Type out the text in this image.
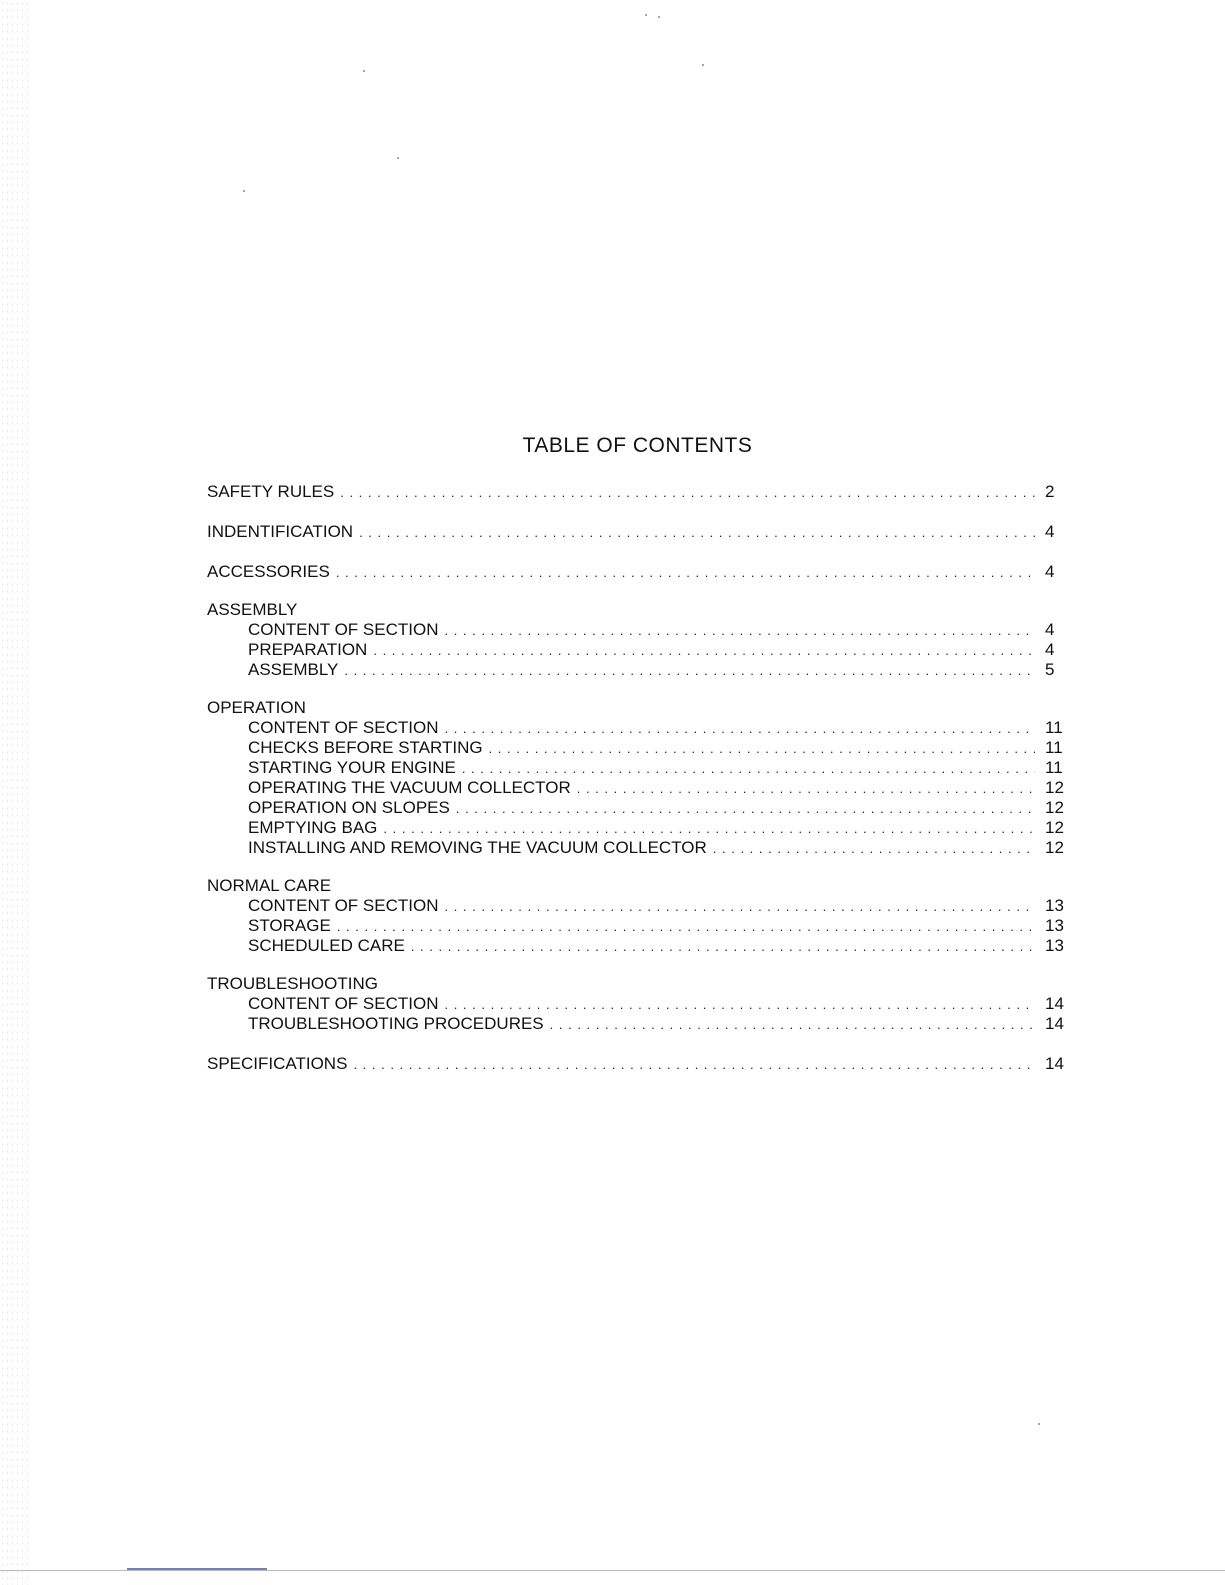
TABLE OF CONTENTS
SAFETY RULES . . .	2
INDENTIFICATION . . .	4
ACCESSORIES . . .	4
ASSEMBLY
CONTENT OF SECTION . . .	4
PREPARATION . . .	4
ASSEMBLY . . .	5
OPERATION
CONTENT OF SECTION . . .	11
CHECKS BEFORE STARTING . . .	11
STARTING YOUR ENGINE . . .	11
OPERATING THE VACUUM COLLECTOR . . .	12
OPERATION ON SLOPES . . .	12
EMPTYING BAG . . .	12
INSTALLING AND REMOVING THE VACUUM COLLECTOR . . .	12
NORMAL CARE
CONTENT OF SECTION . . .	13
STORAGE . . .	13
SCHEDULED CARE . . .	13
TROUBLESHOOTING
CONTENT OF SECTION . . .	14
TROUBLESHOOTING PROCEDURES . . .	14
SPECIFICATIONS . . .	14
